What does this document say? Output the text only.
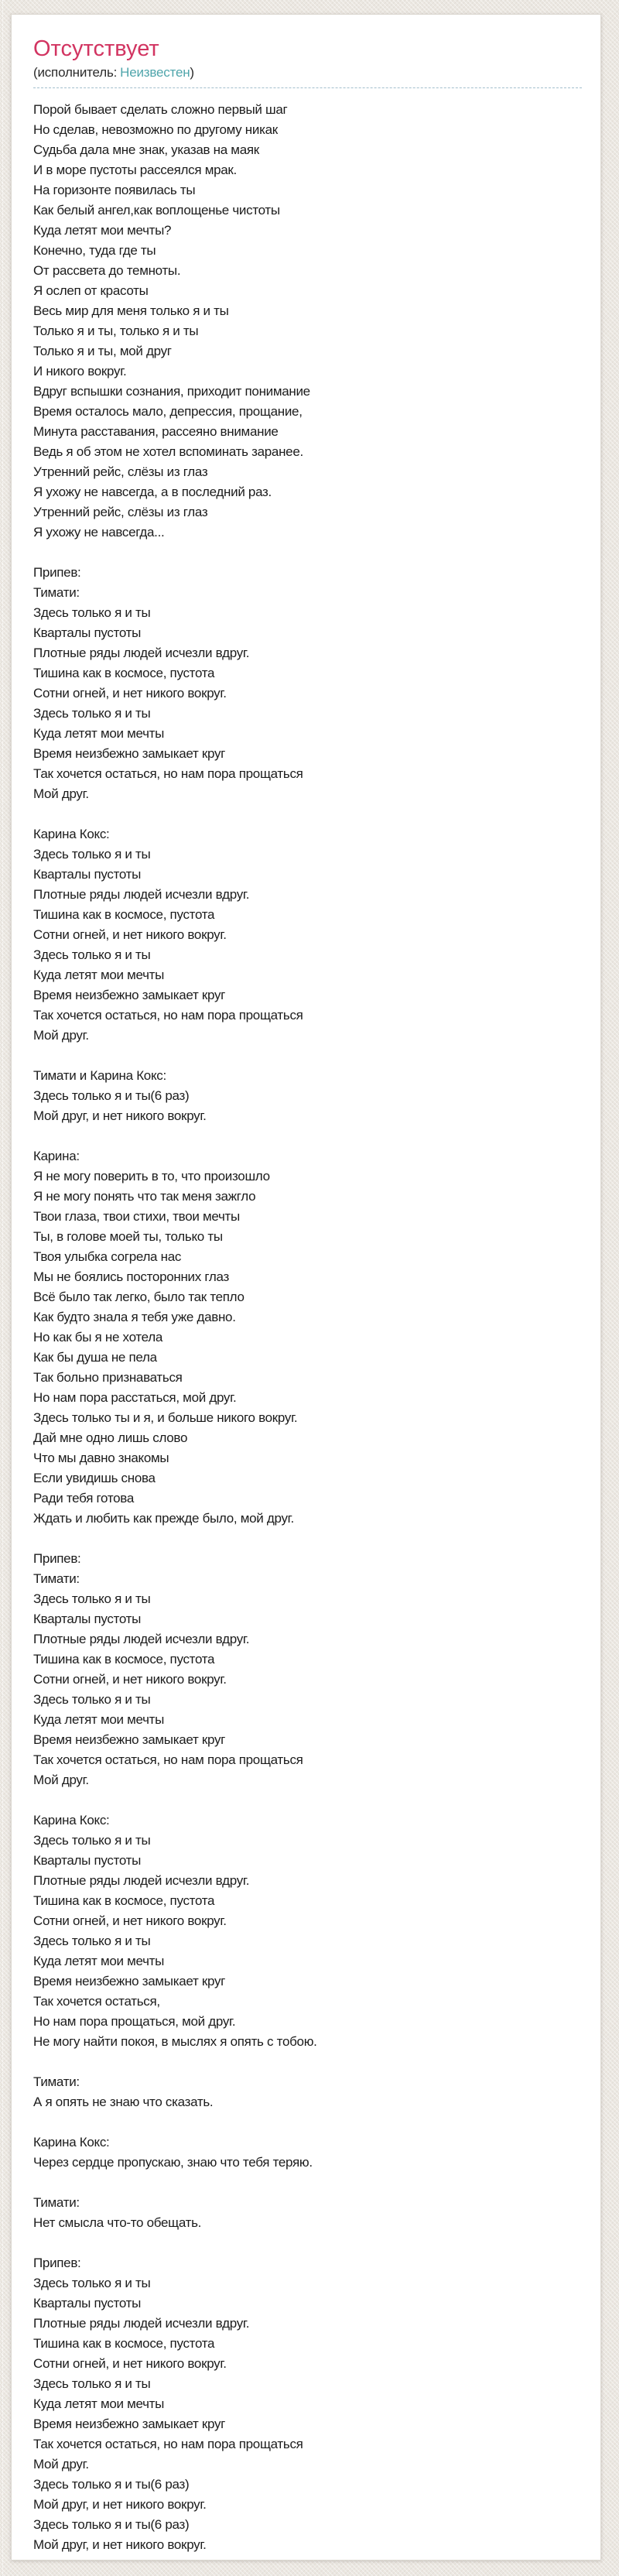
Отсутствует
(исполнитель: Неизвестен)
Порой бывает сделать сложно первый шаг
Но сделав, невозможно по другому никак
Судьба дала мне знак, указав на маяк
И в море пустоты рассеялся мрак.
На горизонте появилась ты
Как белый ангел,как воплощенье чистоты
Куда летят мои мечты?
Конечно, туда где ты
От рассвета до темноты.
Я ослеп от красоты
Весь мир для меня только я и ты
Только я и ты, только я и ты
Только я и ты, мой друг
И никого вокруг.
Вдруг вспышки сознания, приходит понимание
Время осталось мало, депрессия, прощание,
Минута расставания, рассеяно внимание
Ведь я об этом не хотел вспоминать заранее.
Утренний рейс, слёзы из глаз
Я ухожу не навсегда, а в последний раз.
Утренний рейс, слёзы из глаз
Я ухожу не навсегда...
Припев:
Тимати:
Здесь только я и ты
Кварталы пустоты
Плотные ряды людей исчезли вдруг.
Тишина как в космосе, пустота
Сотни огней, и нет никого вокруг.
Здесь только я и ты
Куда летят мои мечты
Время неизбежно замыкает круг
Так хочется остаться, но нам пора прощаться
Мой друг.
Карина Кокс:
Здесь только я и ты
Кварталы пустоты
Плотные ряды людей исчезли вдруг.
Тишина как в космосе, пустота
Сотни огней, и нет никого вокруг.
Здесь только я и ты
Куда летят мои мечты
Время неизбежно замыкает круг
Так хочется остаться, но нам пора прощаться
Мой друг.
Тимати и Карина Кокс:
Здесь только я и ты(6 раз)
Мой друг, и нет никого вокруг.
Карина:
Я не могу поверить в то, что произошло
Я не могу понять что так меня зажгло
Твои глаза, твои стихи, твои мечты
Ты, в голове моей ты, только ты
Твоя улыбка согрела нас
Мы не боялись посторонних глаз
Всё было так легко, было так тепло
Как будто знала я тебя уже давно.
Но как бы я не хотела
Как бы душа не пела
Так больно признаваться
Но нам пора расстаться, мой друг.
Здесь только ты и я, и больше никого вокруг.
Дай мне одно лишь слово
Что мы давно знакомы
Если увидишь снова
Ради тебя готова
Ждать и любить как прежде было, мой друг.
Припев:
Тимати:
Здесь только я и ты
Кварталы пустоты
Плотные ряды людей исчезли вдруг.
Тишина как в космосе, пустота
Сотни огней, и нет никого вокруг.
Здесь только я и ты
Куда летят мои мечты
Время неизбежно замыкает круг
Так хочется остаться, но нам пора прощаться
Мой друг.
Карина Кокс:
Здесь только я и ты
Кварталы пустоты
Плотные ряды людей исчезли вдруг.
Тишина как в космосе, пустота
Сотни огней, и нет никого вокруг.
Здесь только я и ты
Куда летят мои мечты
Время неизбежно замыкает круг
Так хочется остаться,
Но нам пора прощаться, мой друг.
Не могу найти покоя, в мыслях я опять с тобою.
Тимати:
А я опять не знаю что сказать.
Карина Кокс:
Через сердце пропускаю, знаю что тебя теряю.
Тимати:
Нет смысла что-то обещать.
Припев:
Здесь только я и ты
Кварталы пустоты
Плотные ряды людей исчезли вдруг.
Тишина как в космосе, пустота
Сотни огней, и нет никого вокруг.
Здесь только я и ты
Куда летят мои мечты
Время неизбежно замыкает круг
Так хочется остаться, но нам пора прощаться
Мой друг.
Здесь только я и ты(6 раз)
Мой друг, и нет никого вокруг.
Здесь только я и ты(6 раз)
Мой друг, и нет никого вокруг.
